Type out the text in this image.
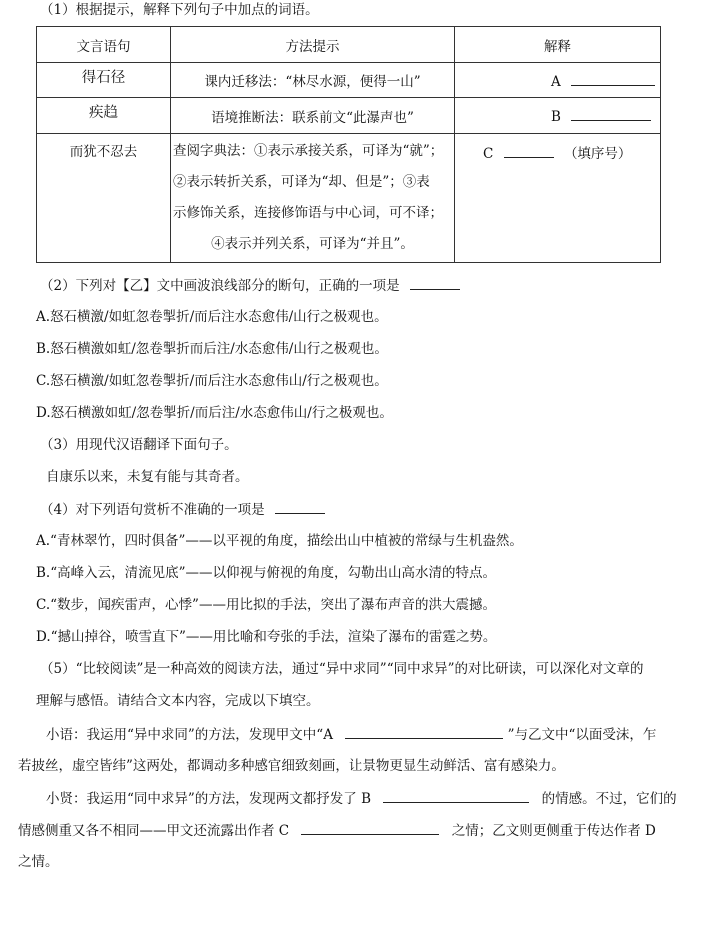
（1）根据提示，解释下列句子中加点的词语。
文言语句	方法提示	解释
得石径	课内迁移法：“林尽水源，便得一山”	A
疾趋	语境推断法：联系前文“此瀑声也”	B
而犹不忍去	查阅字典法：①表示承接关系，可译为“就”；
②表示转折关系，可译为“却、但是”；③表
示修饰关系，连接修饰语与中心词，可不译；

④表示并列关系，可译为“并且”。	C （填序号）
（2）下列对【乙】文中画波浪线部分的断句，正确的一项是
A.怒石横激/如虹忽卷掣折/而后注水态愈伟/山行之极观也。
B.怒石横激如虹/忽卷掣折而后注/水态愈伟/山行之极观也。
C.怒石横激/如虹忽卷掣折/而后注水态愈伟山/行之极观也。
D.怒石横激如虹/忽卷掣折/而后注/水态愈伟山/行之极观也。
（3）用现代汉语翻译下面句子。
自康乐以来，未复有能与其奇者。
（4）对下列语句赏析不准确的一项是
A.“青林翠竹，四时俱备”——以平视的角度，描绘出山中植被的常绿与生机盎然。
B.“高峰入云，清流见底”——以仰视与俯视的角度，勾勒出山高水清的特点。
C.“数步，闻疾雷声，心悸”——用比拟的手法，突出了瀑布声音的洪大震撼。
D.“撼山掉谷，喷雪直下”——用比喻和夸张的手法，渲染了瀑布的雷霆之势。
（5）“比较阅读”是一种高效的阅读方法，通过“异中求同”“同中求异”的对比研读，可以深化对文章的
理解与感悟。请结合文本内容，完成以下填空。
小语：我运用“异中求同”的方法，发现甲文中“A	”与乙文中“以面受沫，乍
若披丝，虚空皆纬”这两处，都调动多种感官细致刻画，让景物更显生动鲜活、富有感染力。
小贤：我运用“同中求异”的方法，发现两文都抒发了 B	的情感。不过，它们的
情感侧重又各不相同——甲文还流露出作者 C	之情；乙文则更侧重于传达作者 D
之情。
